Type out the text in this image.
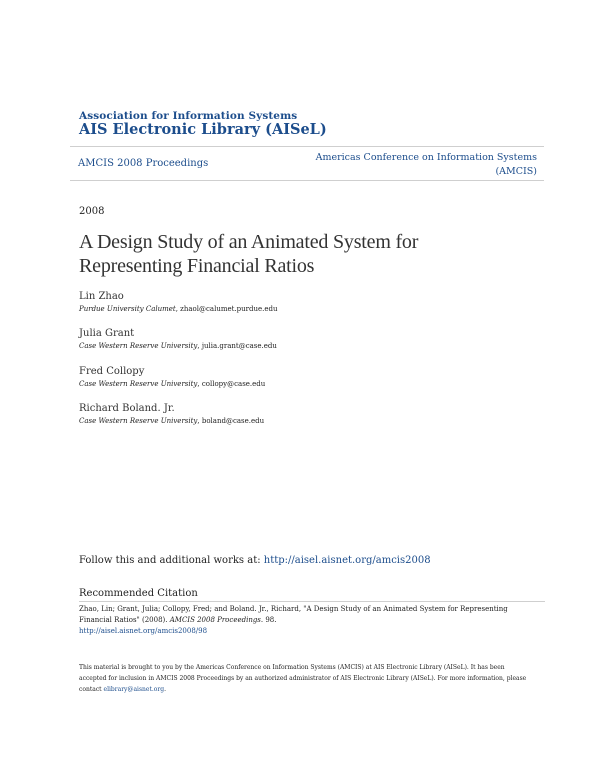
Association for Information Systems
AIS Electronic Library (AISeL)
AMCIS 2008 Proceedings
Americas Conference on Information Systems
(AMCIS)
2008
A Design Study of an Animated System for Representing Financial Ratios
Lin Zhao
Purdue University Calumet, zhaol@calumet.purdue.edu
Julia Grant
Case Western Reserve University, julia.grant@case.edu
Fred Collopy
Case Western Reserve University, collopy@case.edu
Richard Boland. Jr.
Case Western Reserve University, boland@case.edu
Follow this and additional works at: http://aisel.aisnet.org/amcis2008
Recommended Citation
Zhao, Lin; Grant, Julia; Collopy, Fred; and Boland. Jr., Richard, "A Design Study of an Animated System for Representing Financial Ratios" (2008). AMCIS 2008 Proceedings. 98.
http://aisel.aisnet.org/amcis2008/98
This material is brought to you by the Americas Conference on Information Systems (AMCIS) at AIS Electronic Library (AISeL). It has been accepted for inclusion in AMCIS 2008 Proceedings by an authorized administrator of AIS Electronic Library (AISeL). For more information, please contact elibrary@aisnet.org.
